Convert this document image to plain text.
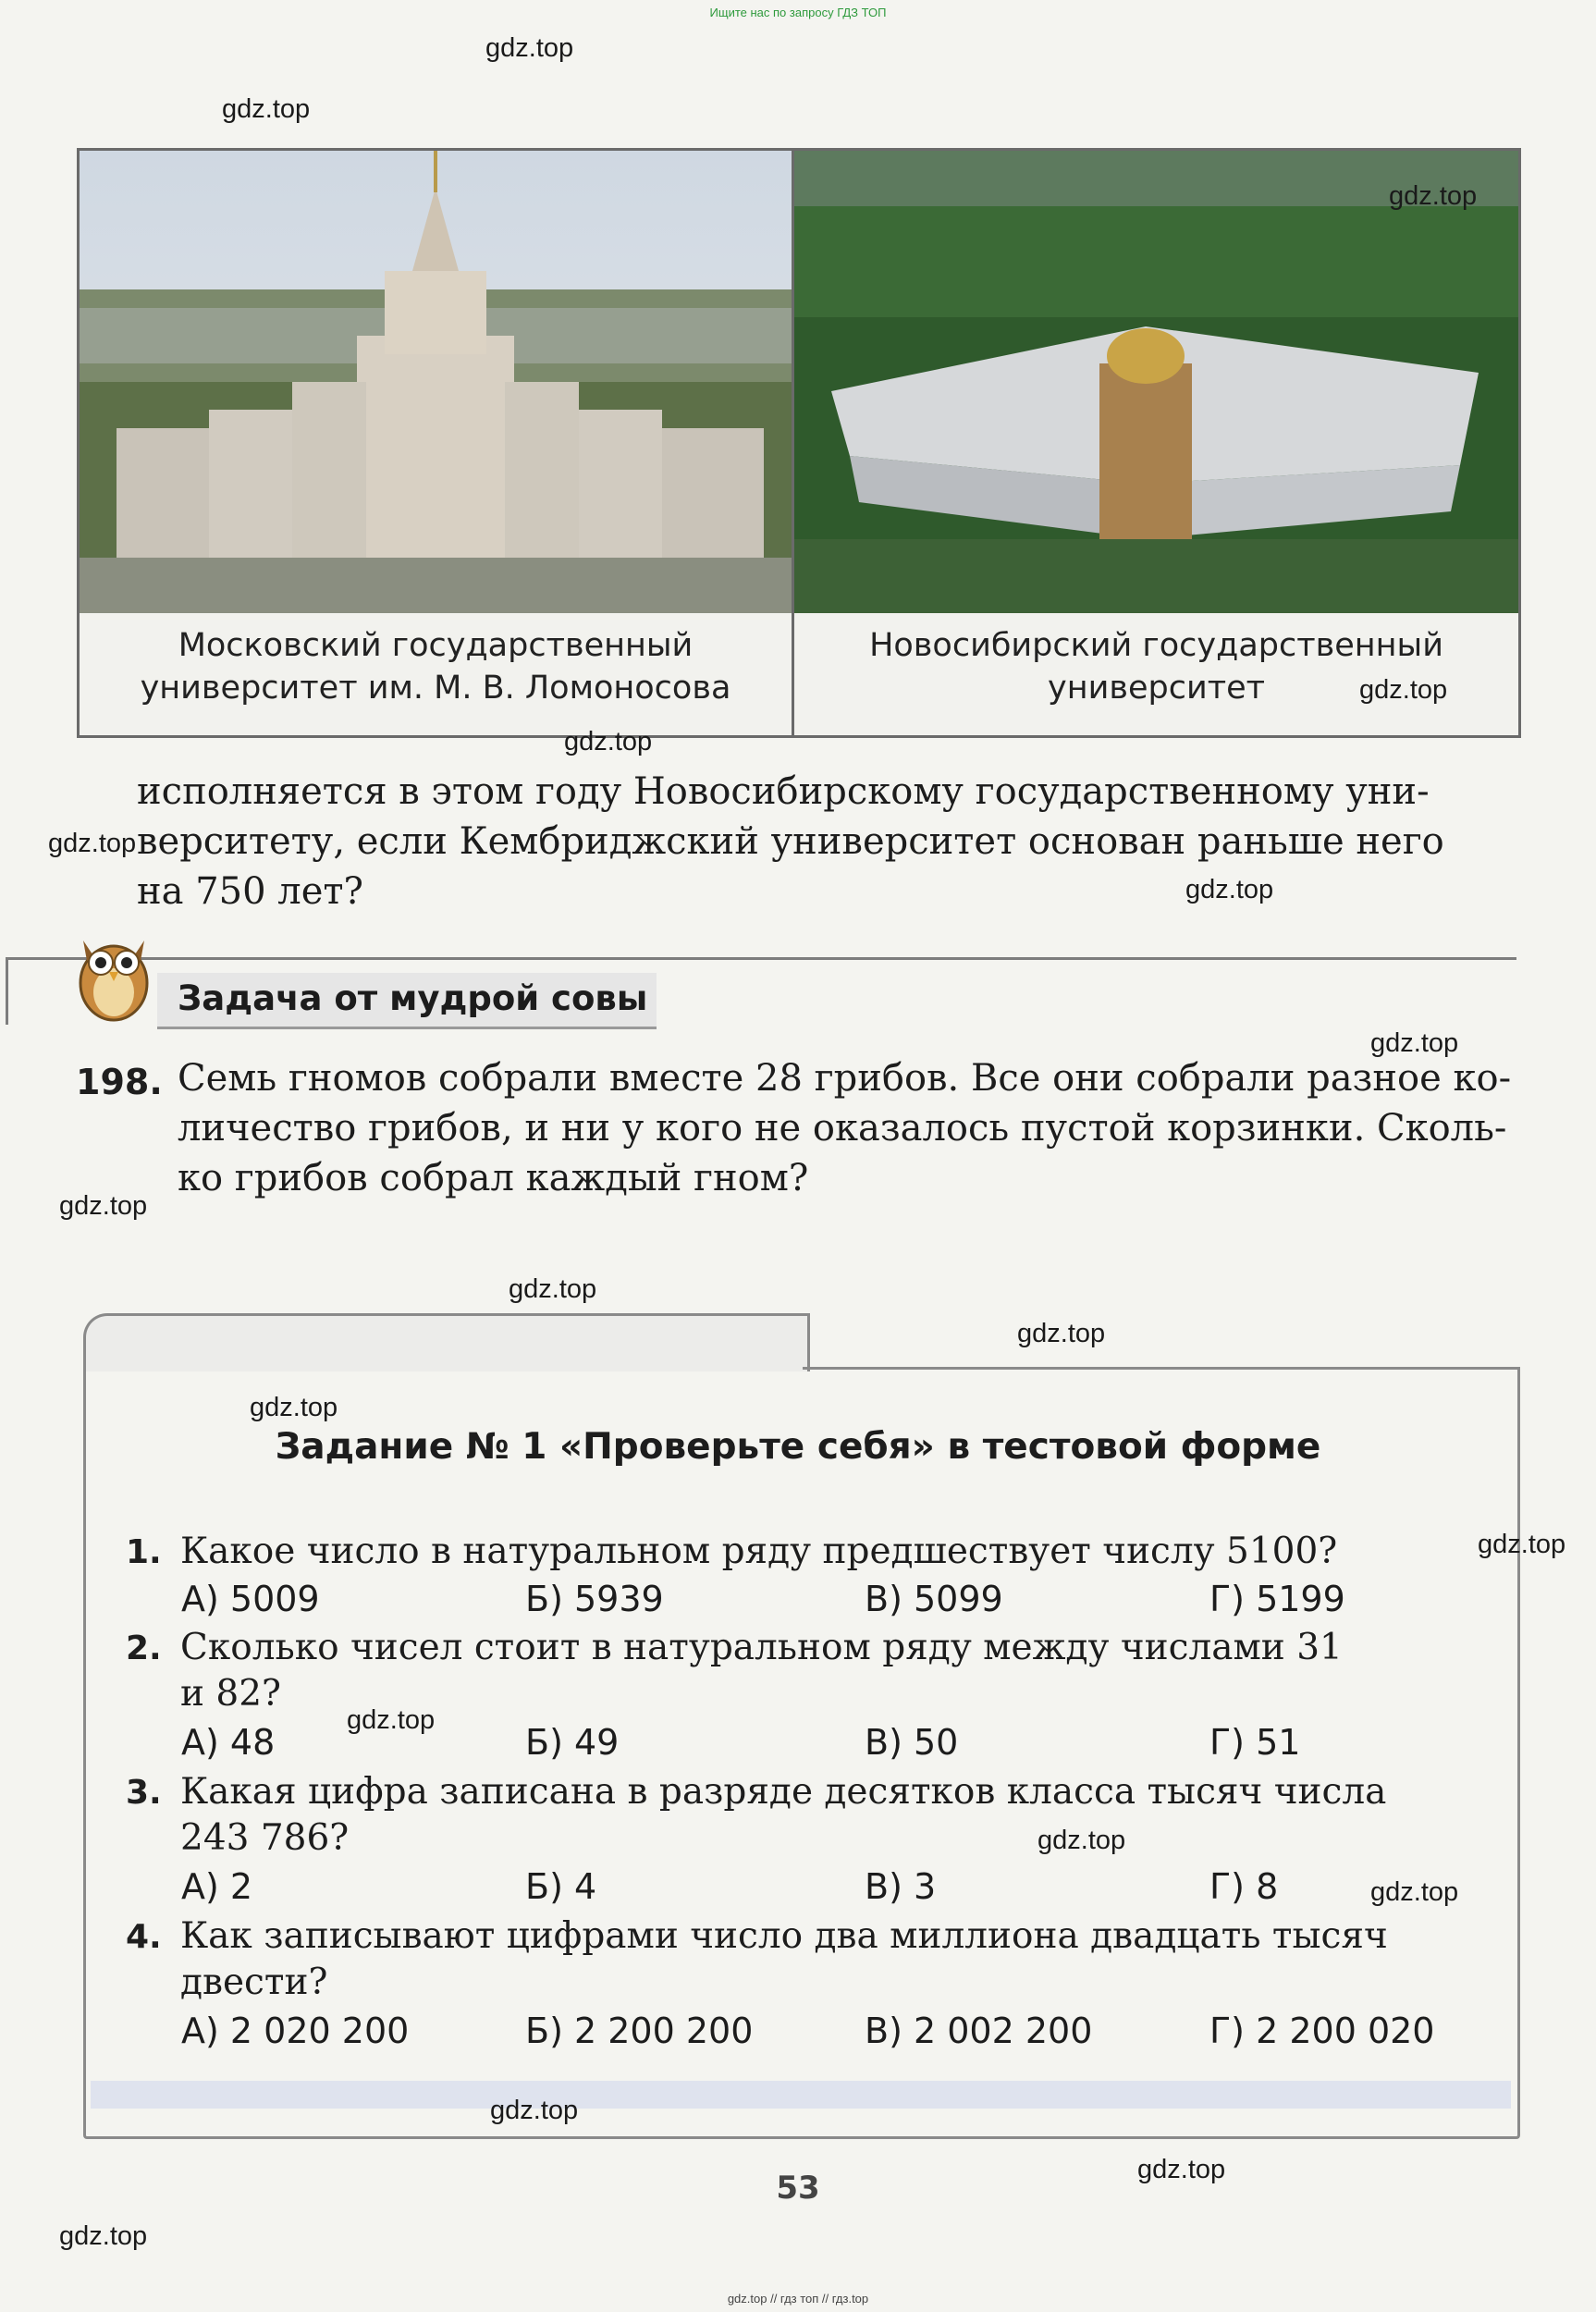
Ищите нас по запросу ГДЗ ТОП
Московский государственный
университет им. М. В. Ломоносова
Новосибирский государственный
университет
исполняется в этом году Новосибирскому государственному уни-
верситету, если Кембриджский университет основан раньше него
на 750 лет?
Задача от мудрой совы
198. Семь гномов собрали вместе 28 грибов. Все они собрали разное ко-
личество грибов, и ни у кого не оказалось пустой корзинки. Сколь-
ко грибов собрал каждый гном?
Задание № 1 «Проверьте себя» в тестовой форме
1. Какое число в натуральном ряду предшествует числу 5100?
А) 5009	Б) 5939	В) 5099	Г) 5199
2. Сколько чисел стоит в натуральном ряду между числами 31
и 82?
А) 48	Б) 49	В) 50	Г) 51
3. Какая цифра записана в разряде десятков класса тысяч числа
243 786?
А) 2	Б) 4	В) 3	Г) 8
4. Как записывают цифрами число два миллиона двадцать тысяч
двести?
А) 2 020 200	Б) 2 200 200	В) 2 002 200	Г) 2 200 020
53
gdz.top
gdz.top
gdz.top
gdz.top
gdz.top
gdz.top
gdz.top
gdz.top
gdz.top
gdz.top
gdz.top
gdz.top
gdz.top
gdz.top
gdz.top
gdz.top
gdz.top
gdz.top
gdz.top
gdz.top // гдз топ // гдз.top
